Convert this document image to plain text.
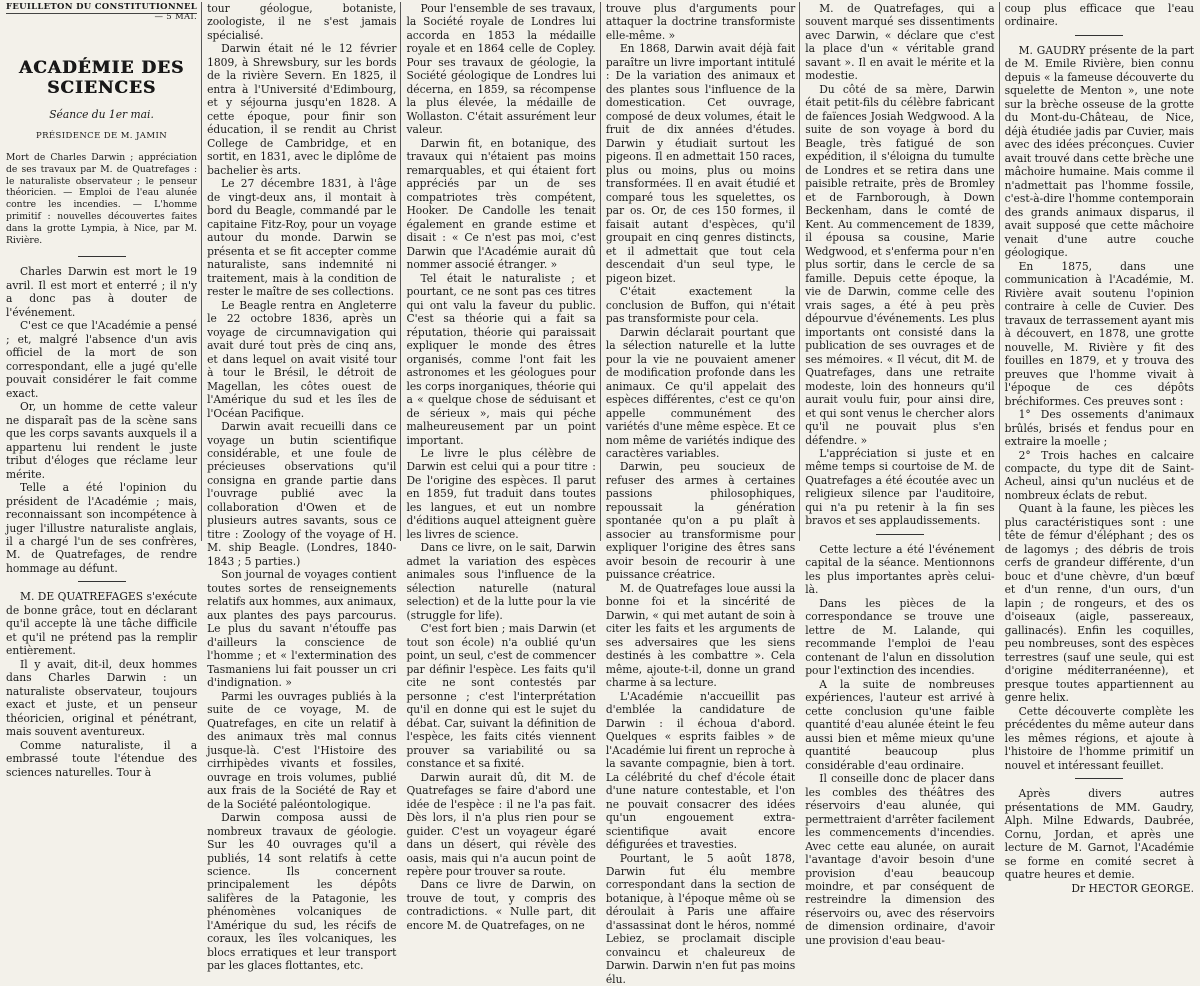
FEUILLETON DU CONSTITUTIONNEL
— 5 MAI.
ACADÉMIE DES SCIENCES

Séance du 1er mai.

PRÉSIDENCE DE M. JAMIN

Mort de Charles Darwin ; appréciation de ses travaux par M. de Quatrefages : le naturaliste observateur ; le penseur théoricien. — Emploi de l'eau alunée contre les incendies. — L'homme primitif : nouvelles découvertes faites dans la grotte Lympia, à Nice, par M. Rivière.

Charles Darwin est mort le 19 avril. Il est mort et enterré ; il n'y a donc pas à douter de l'événement.

C'est ce que l'Académie a pensé ; et, malgré l'absence d'un avis officiel de la mort de son correspondant, elle a jugé qu'elle pouvait considérer le fait comme exact.

Or, un homme de cette valeur ne disparaît pas de la scène sans que les corps savants auxquels il a appartenu lui rendent le juste tribut d'éloges que réclame leur mérite.

Telle a été l'opinion du président de l'Académie ; mais, reconnaissant son incompétence à juger l'illustre naturaliste anglais, il a chargé l'un de ses confrères, M. de Quatrefages, de rendre hommage au défunt.

M. DE QUATREFAGES s'exécute de bonne grâce, tout en déclarant qu'il accepte là une tâche difficile et qu'il ne prétend pas la remplir entièrement.

Il y avait, dit-il, deux hommes dans Charles Darwin : un naturaliste observateur, toujours exact et juste, et un penseur théoricien, original et pénétrant, mais souvent aventureux.

Comme naturaliste, il a embrassé toute l'étendue des sciences naturelles. Tour à

tour géologue, botaniste, zoologiste, il ne s'est jamais spécialisé.

Darwin était né le 12 février 1809, à Shrewsbury, sur les bords de la rivière Severn. En 1825, il entra à l'Université d'Edimbourg, et y séjourna jusqu'en 1828. A cette époque, pour finir son éducation, il se rendit au Christ College de Cambridge, et en sortit, en 1831, avec le diplôme de bachelier ès arts.

Le 27 décembre 1831, à l'âge de vingt-deux ans, il montait à bord du Beagle, commandé par le capitaine Fitz-Roy, pour un voyage autour du monde. Darwin se présenta et se fit accepter comme naturaliste, sans indemnité ni traitement, mais à la condition de rester le maître de ses collections.

Le Beagle rentra en Angleterre le 22 octobre 1836, après un voyage de circumnavigation qui avait duré tout près de cinq ans, et dans lequel on avait visité tour à tour le Brésil, le détroit de Magellan, les côtes ouest de l'Amérique du sud et les îles de l'Océan Pacifique.

Darwin avait recueilli dans ce voyage un butin scientifique considérable, et une foule de précieuses observations qu'il consigna en grande partie dans l'ouvrage publié avec la collaboration d'Owen et de plusieurs autres savants, sous ce titre : Zoology of the voyage of H. M. ship Beagle. (Londres, 1840-1843 ; 5 parties.)

Son journal de voyages contient toutes sortes de renseignements relatifs aux hommes, aux animaux, aux plantes des pays parcourus. Le plus du savant n'étouffe pas d'ailleurs la conscience de l'homme ; et « l'extermination des Tasmaniens lui fait pousser un cri d'indignation. »

Parmi les ouvrages publiés à la suite de ce voyage, M. de Quatrefages, en cite un relatif à des animaux très mal connus jusque-là. C'est l'Histoire des cirrhipèdes vivants et fossiles, ouvrage en trois volumes, publié aux frais de la Société de Ray et de la Société paléontologique.

Darwin composa aussi de nombreux travaux de géologie. Sur les 40 ouvrages qu'il a publiés, 14 sont relatifs à cette science. Ils concernent principalement les dépôts salifères de la Patagonie, les phénomènes volcaniques de l'Amérique du sud, les récifs de coraux, les îles volcaniques, les blocs erratiques et leur transport par les glaces flottantes, etc.

Pour l'ensemble de ses travaux, la Société royale de Londres lui accorda en 1853 la médaille royale et en 1864 celle de Copley. Pour ses travaux de géologie, la Société géologique de Londres lui décerna, en 1859, sa récompense la plus élevée, la médaille de Wollaston. C'était assurément leur valeur.

Darwin fit, en botanique, des travaux qui n'étaient pas moins remarquables, et qui étaient fort appréciés par un de ses compatriotes très compétent, Hooker. De Candolle les tenait également en grande estime et disait : « Ce n'est pas moi, c'est Darwin que l'Académie aurait dû nommer associé étranger. »

Tel était le naturaliste ; et pourtant, ce ne sont pas ces titres qui ont valu la faveur du public. C'est sa théorie qui a fait sa réputation, théorie qui paraissait expliquer le monde des êtres organisés, comme l'ont fait les astronomes et les géologues pour les corps inorganiques, théorie qui a « quelque chose de séduisant et de sérieux », mais qui péche malheureusement par un point important.

Le livre le plus célèbre de Darwin est celui qui a pour titre : De l'origine des espèces. Il parut en 1859, fut traduit dans toutes les langues, et eut un nombre d'éditions auquel atteignent guère les livres de science.

Dans ce livre, on le sait, Darwin admet la variation des espèces animales sous l'influence de la sélection naturelle (natural selection) et de la lutte pour la vie (struggle for life).

C'est fort bien ; mais Darwin (et tout son école) n'a oublié qu'un point, un seul, c'est de commencer par définir l'espèce. Les faits qu'il cite ne sont contestés par personne ; c'est l'interprétation qu'il en donne qui est le sujet du débat. Car, suivant la définition de l'espèce, les faits cités viennent prouver sa variabilité ou sa constance et sa fixité.

Darwin aurait dû, dit M. de Quatrefages se faire d'abord une idée de l'espèce : il ne l'a pas fait. Dès lors, il n'a plus rien pour se guider. C'est un voyageur égaré dans un désert, qui révèle des oasis, mais qui n'a aucun point de repère pour trouver sa route.

Dans ce livre de Darwin, on trouve de tout, y compris des contradictions. « Nulle part, dit encore M. de Quatrefages, on ne

trouve plus d'arguments pour attaquer la doctrine transformiste elle-même. »

En 1868, Darwin avait déjà fait paraître un livre important intitulé : De la variation des animaux et des plantes sous l'influence de la domestication. Cet ouvrage, composé de deux volumes, était le fruit de dix années d'études. Darwin y étudiait surtout les pigeons. Il en admettait 150 races, plus ou moins, plus ou moins transformées. Il en avait étudié et comparé tous les squelettes, os par os. Or, de ces 150 formes, il faisait autant d'espèces, qu'il groupait en cinq genres distincts, et il admettait que tout cela descendait d'un seul type, le pigeon bizet.

C'était exactement la conclusion de Buffon, qui n'était pas transformiste pour cela.

Darwin déclarait pourtant que la sélection naturelle et la lutte pour la vie ne pouvaient amener de modification profonde dans les animaux. Ce qu'il appelait des espèces différentes, c'est ce qu'on appelle communément des variétés d'une même espèce. Et ce nom même de variétés indique des caractères variables.

Darwin, peu soucieux de refuser des armes à certaines passions philosophiques, repoussait la génération spontanée qu'on a pu plaît à associer au transformisme pour expliquer l'origine des êtres sans avoir besoin de recourir à une puissance créatrice.

M. de Quatrefages loue aussi la bonne foi et la sincérité de Darwin, « qui met autant de soin à citer les faits et les arguments de ses adversaires que les siens destinés à les combattre ». Cela même, ajoute-t-il, donne un grand charme à sa lecture.

L'Académie n'accueillit pas d'emblée la candidature de Darwin : il échoua d'abord. Quelques « esprits faibles » de l'Académie lui firent un reproche à la savante compagnie, bien à tort. La célébrité du chef d'école était d'une nature contestable, et l'on ne pouvait consacrer des idées qu'un engouement extra-scientifique avait encore défigurées et travesties.

Pourtant, le 5 août 1878, Darwin fut élu membre correspondant dans la section de botanique, à l'époque même où se déroulait à Paris une affaire d'assassinat dont le héros, nommé Lebiez, se proclamait disciple convaincu et chaleureux de Darwin. Darwin n'en fut pas moins élu.

M. de Quatrefages, qui a souvent marqué ses dissentiments avec Darwin, « déclare que c'est la place d'un « véritable grand savant ». Il en avait le mérite et la modestie.

Du côté de sa mère, Darwin était petit-fils du célèbre fabricant de faïences Josiah Wedgwood. A la suite de son voyage à bord du Beagle, très fatigué de son expédition, il s'éloigna du tumulte de Londres et se retira dans une paisible retraite, près de Bromley et de Farnborough, à Down Beckenham, dans le comté de Kent. Au commencement de 1839, il épousa sa cousine, Marie Wedgwood, et s'enferma pour n'en plus sortir, dans le cercle de sa famille. Depuis cette époque, la vie de Darwin, comme celle des vrais sages, a été à peu près dépourvue d'événements. Les plus importants ont consisté dans la publication de ses ouvrages et de ses mémoires. « Il vécut, dit M. de Quatrefages, dans une retraite modeste, loin des honneurs qu'il aurait voulu fuir, pour ainsi dire, et qui sont venus le chercher alors qu'il ne pouvait plus s'en défendre. »

L'appréciation si juste et en même temps si courtoise de M. de Quatrefages a été écoutée avec un religieux silence par l'auditoire, qui n'a pu retenir à la fin ses bravos et ses applaudissements.

Cette lecture a été l'événement capital de la séance. Mentionnons les plus importantes après celui-là.

Dans les pièces de la correspondance se trouve une lettre de M. Lalande, qui recommande l'emploi de l'eau contenant de l'alun en dissolution pour l'extinction des incendies.

A la suite de nombreuses expériences, l'auteur est arrivé à cette conclusion qu'une faible quantité d'eau alunée éteint le feu aussi bien et même mieux qu'une quantité beaucoup plus considérable d'eau ordinaire.

Il conseille donc de placer dans les combles des théâtres des réservoirs d'eau alunée, qui permettraient d'arrêter facilement les commencements d'incendies. Avec cette eau alunée, on aurait l'avantage d'avoir besoin d'une provision d'eau beaucoup moindre, et par conséquent de restreindre la dimension des réservoirs ou, avec des réservoirs de dimension ordinaire, d'avoir une provision d'eau beau-

coup plus efficace que l'eau ordinaire.

M. GAUDRY présente de la part de M. Emile Rivière, bien connu depuis « la fameuse découverte du squelette de Menton », une note sur la brèche osseuse de la grotte du Mont-du-Château, de Nice, déjà étudiée jadis par Cuvier, mais avec des idées préconçues. Cuvier avait trouvé dans cette brèche une mâchoire humaine. Mais comme il n'admettait pas l'homme fossile, c'est-à-dire l'homme contemporain des grands animaux disparus, il avait supposé que cette mâchoire venait d'une autre couche géologique.

En 1875, dans une communication à l'Académie, M. Rivière avait soutenu l'opinion contraire à celle de Cuvier. Des travaux de terrassement ayant mis à découvert, en 1878, une grotte nouvelle, M. Rivière y fit des fouilles en 1879, et y trouva des preuves que l'homme vivait à l'époque de ces dépôts bréchiformes. Ces preuves sont :

1° Des ossements d'animaux brûlés, brisés et fendus pour en extraire la moelle ;

2° Trois haches en calcaire compacte, du type dit de Saint-Acheul, ainsi qu'un nucléus et de nombreux éclats de rebut.

Quant à la faune, les pièces les plus caractéristiques sont : une tête de fémur d'éléphant ; des os de lagomys ; des débris de trois cerfs de grandeur différente, d'un bouc et d'une chèvre, d'un bœuf et d'un renne, d'un ours, d'un lapin ; de rongeurs, et des os d'oiseaux (aigle, passereaux, gallinacés). Enfin les coquilles, peu nombreuses, sont des espèces terrestres (sauf une seule, qui est d'origine méditerranéenne), et presque toutes appartiennent au genre helix.

Cette découverte complète les précédentes du même auteur dans les mêmes régions, et ajoute à l'histoire de l'homme primitif un nouvel et intéressant feuillet.

Après divers autres présentations de MM. Gaudry, Alph. Milne Edwards, Daubrée, Cornu, Jordan, et après une lecture de M. Garnot, l'Académie se forme en comité secret à quatre heures et demie.

Dr HECTOR GEORGE.
